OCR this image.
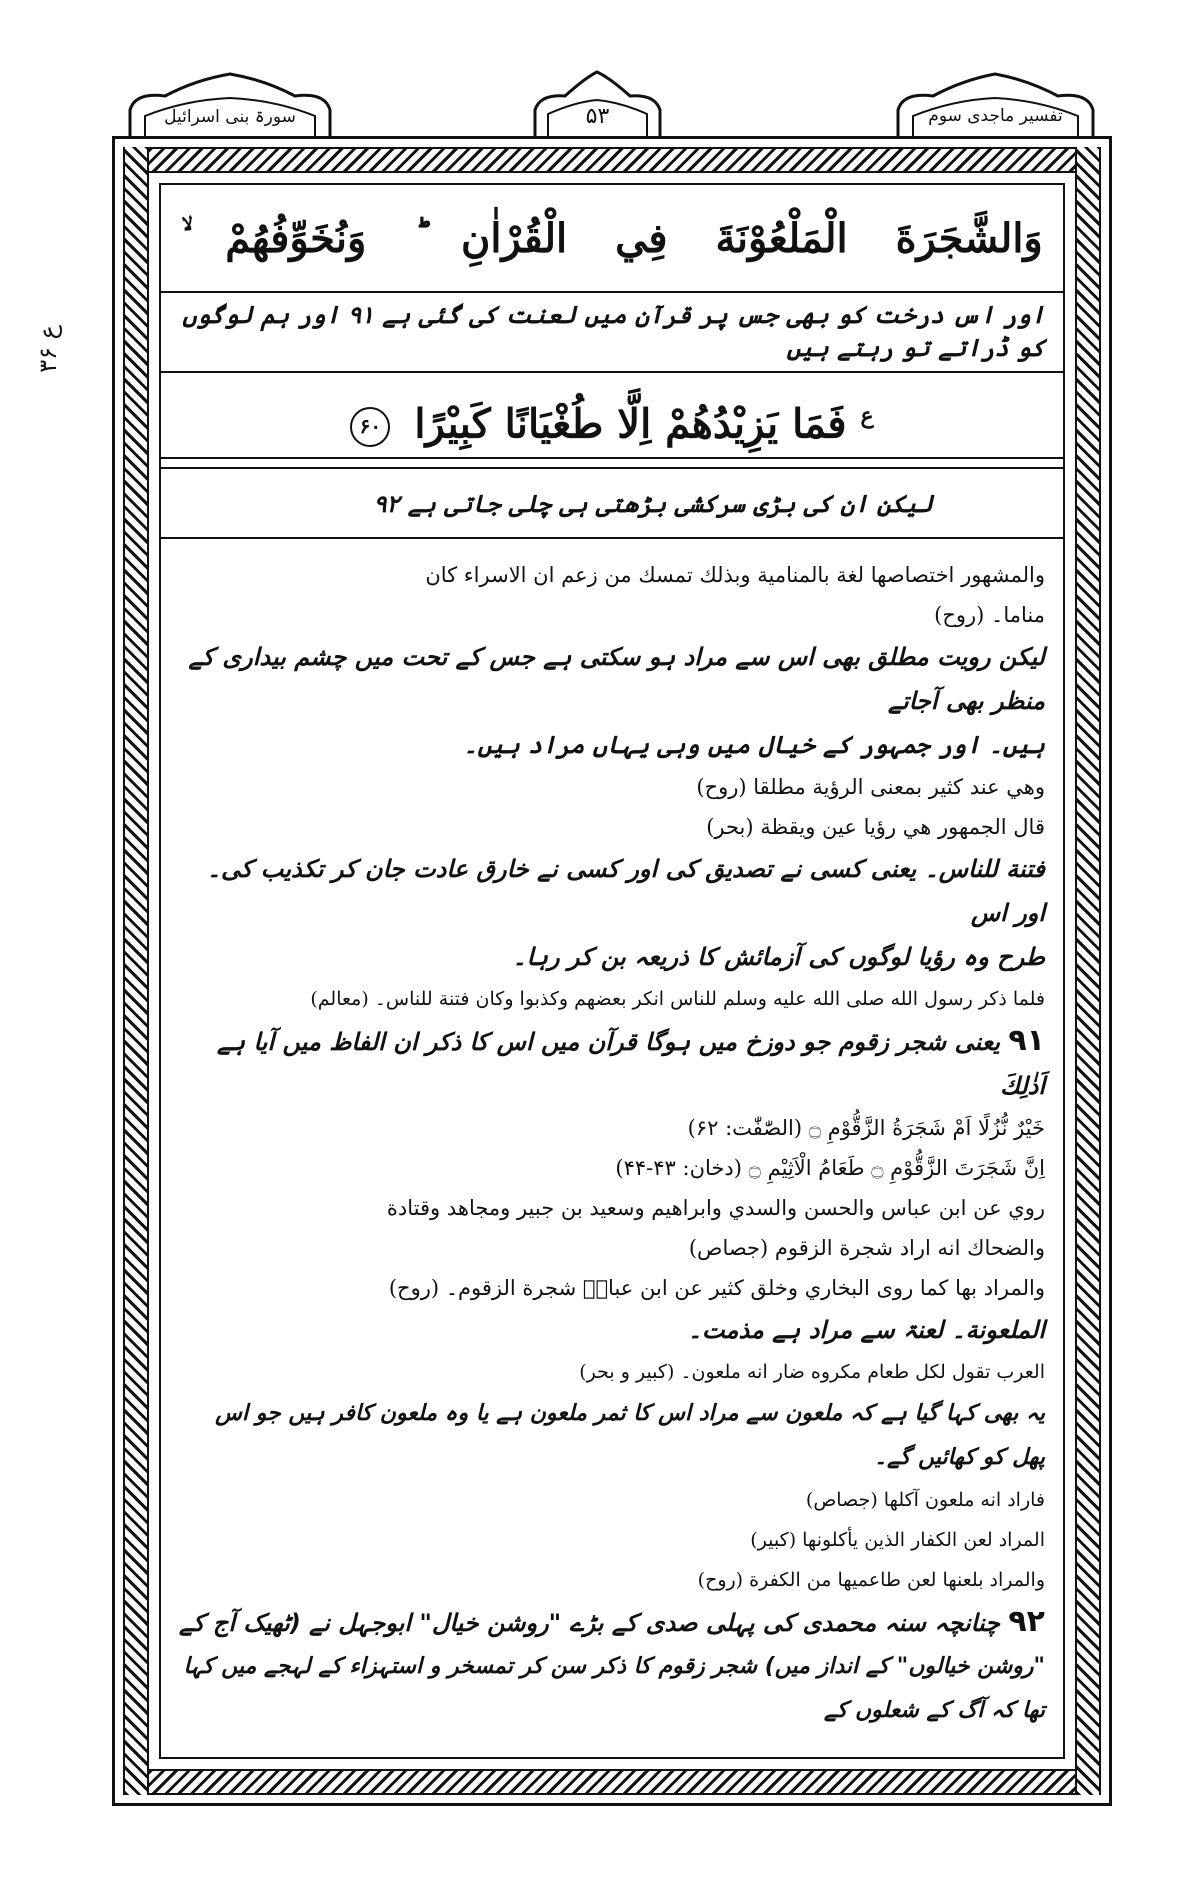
سورۃ بنی اسرائیل	۵۳	تفسیر ماجدی سوم
۳ع ۶
وَالشَّجَرَةَ الْمَلْعُوْنَةَ فِي الْقُرْاٰنِ ؕ وَنُخَوِّفُهُمْ ۙ
اور اس درخت کو بھی جس پر قرآن میں لعنت کی گئی ہے ۹۱ اور ہم لوگوں کو ڈراتے تو رہتے ہیں
$^ع$ فَمَا يَزِيْدُهُمْ اِلَّا طُغْيَانًا كَبِيْرًا ۶۰
لیکن ان کی بڑی سرکشی بڑھتی ہی چلی جاتی ہے ۹۲

والمشهور اختصاصها لغة بالمنامية وبذلك تمسك من زعم ان الاسراء كان

مناما۔ (روح)

لیکن رویت مطلق بھی اس سے مراد ہو سکتی ہے جس کے تحت میں چشم بیداری کے منظر بھی آجاتے

ہیں۔ اور جمہور کے خیال میں وہی یہاں مراد ہیں۔

وهي عند كثير بمعنى الرؤية مطلقا (روح)

قال الجمهور هي رؤيا عين ويقظة (بحر)

فتنة للناس۔ یعنی کسی نے تصدیق کی اور کسی نے خارق عادت جان کر تکذیب کی۔ اور اس

طرح وہ رؤیا لوگوں کی آزمائش کا ذریعہ بن کر رہا۔

فلما ذكر رسول الله صلى الله عليه وسلم للناس انكر بعضهم وكذبوا وكان فتنة للناس۔ (معالم)

۹۱ یعنی شجر زقوم جو دوزخ میں ہوگا قرآن میں اس کا ذکر ان الفاظ میں آیا ہے اَذٰلِكَ

خَيْرٌ نُّزُلًا اَمْ شَجَرَةُ الزَّقُّوْمِ ۝ (الصّٰفّٰت: ۶۲)

اِنَّ شَجَرَتَ الزَّقُّوْمِ ۝ طَعَامُ الْاَثِيْمِ ۝ (دخان: ۴۳-۴۴)

روي عن ابن عباس والحسن والسدي وابراهيم وسعيد بن جبير ومجاهد وقتادة

والضحاك انه اراد شجرة الزقوم (جصاص)

والمراد بها كما روى البخاري وخلق كثير عن ابن عباسؓ شجرة الزقوم۔ (روح)

الملعونة۔ لعنۃ سے مراد ہے مذمت۔

العرب تقول لكل طعام مكروه ضار انه ملعون۔ (کبیر و بحر)

یہ بھی کہا گیا ہے کہ ملعون سے مراد اس کا ثمر ملعون ہے یا وہ ملعون کافر ہیں جو اس پھل کو کھائیں گے۔

فاراد انه ملعون آكلها (جصاص)

المراد لعن الكفار الذين يأكلونها (کبیر)

والمراد بلعنها لعن طاعميها من الكفرة (روح)

۹۲ چنانچہ سنہ محمدی کی پہلی صدی کے بڑے "روشن خیال" ابوجہل نے (ٹھیک آج کے

"روشن خیالوں" کے انداز میں) شجر زقوم کا ذکر سن کر تمسخر و استہزاء کے لہجے میں کہا تھا کہ آگ کے شعلوں کے
